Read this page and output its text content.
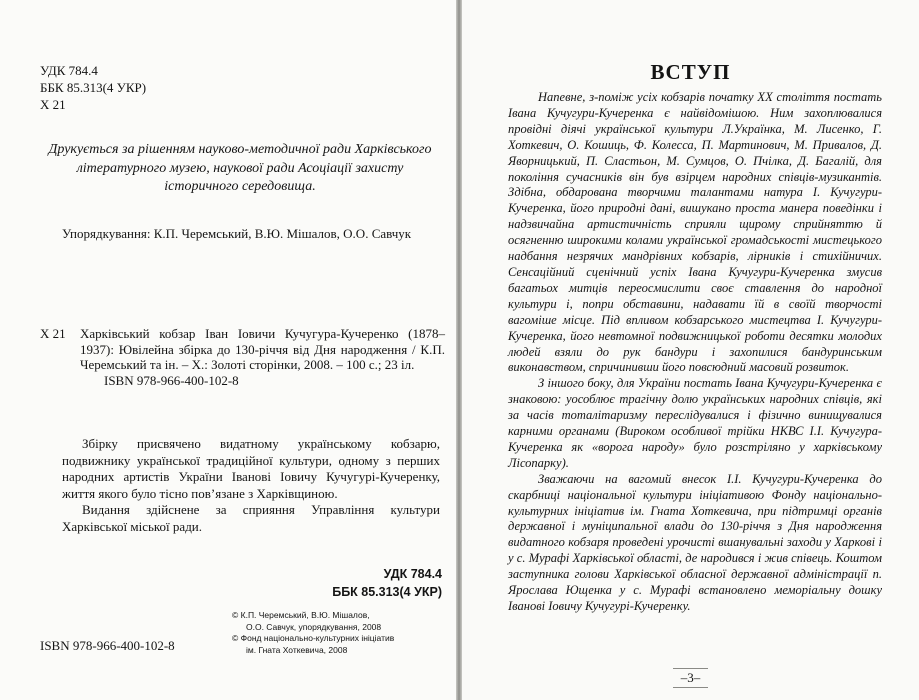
УДК 784.4
ББК 85.313(4 УКР)
Х 21
Друкується за рішенням науково-методичної ради Харківського літературного музею, наукової ради Асоціації захисту історичного середовища.
Упорядкування: К.П. Черемський, В.Ю. Мішалов, О.О. Савчук
Х 21 Харківський кобзар Іван Іовичи Кучугура-Кучеренко (1878–1937): Ювілейна збірка до 130-річчя від Дня народження / К.П. Черемський та ін. – Х.: Золоті сторінки, 2008. – 100 с.; 23 іл.
ISBN 978-966-400-102-8

Збірку присвячено видатному українському кобзарю, подвижнику української традиційної культури, одному з перших народних артистів України Івановi Іовичу Кучугурі-Кучеренку, життя якого було тісно пов’язане з Харківщиною.

Видання здійснене за сприяння Управління культури Харківської міської ради.

УДК 784.4
ББК 85.313(4 УКР)
© К.П. Черемський, В.Ю. Мішалов,
О.О. Савчук, упорядкування, 2008
© Фонд національно-культурних ініціатив
ім. Гната Хоткевича, 2008
ISBN 978-966-400-102-8
ВСТУП

Напевне, з-поміж усіх кобзарів початку XX століття постать Івана Кучугури-Кучеренка є найвідомішою. Ним захоплювалися провідні діячі української культури Л.Українка, М. Лисенко, Г. Хоткевич, О. Кошиць, Ф. Колесса, П. Мартинович, М. Привалов, Д. Яворницький, П. Сластьон, М. Сумцов, О. Пчілка, Д. Багалій, для покоління сучасників він був взірцем народних співців-музикантів. Здібна, обдарована творчими талантами натура І. Кучугури-Кучеренка, його природні дані, вишукано проста манера поведінки і надзвичайна артистичність сприяли щирому сприйняттю й осягненню широкими колами української громадськості мистецького надбання незрячих мандрівних кобзарів, лірників і стихійничих. Сенсаційний сценічний успіх Івана Кучугури-Кучеренка змусив багатьох митців переосмислити своє ставлення до народної культури і, попри обставини, надавати їй в своїй творчості вагоміше місце. Під впливом кобзарського мистецтва І. Кучугури-Кучеренка, його невтомної подвижницької роботи десятки молодих людей взяли до рук бандури і захопилися бандуринським виконавством, спричинивши його повсюдний масовий розвиток.

З іншого боку, для України постать Івана Кучугури-Кучеренка є знаковою: уособлює трагічну долю українських народних співців, які за часів тоталітаризму переслідувалися і фізично винищувалися карними органами (Вироком особливої трійки НКВС І.І. Кучугура-Кучеренка як «ворога народу» було розстріляно у харківському Лісопарку).

Зважаючи на вагомий внесок І.І. Кучугури-Кучеренка до скарбниці національної культури ініціативою Фонду національно-культурних ініціатив ім. Гната Хоткевича, при підтримці органів державної і муніципальної влади до 130-річчя з Дня народження видатного кобзаря проведені урочисті вшанувальні заходи у Харкові і у с. Мурафі Харківської області, де народився і жив співець. Коштом заступника голови Харківської обласної державної адміністрації п. Ярослава Ющенка у с. Мурафі встановлено меморіальну дошку Івановi Іовичу Кучугурі-Кучеренку.

–3–
